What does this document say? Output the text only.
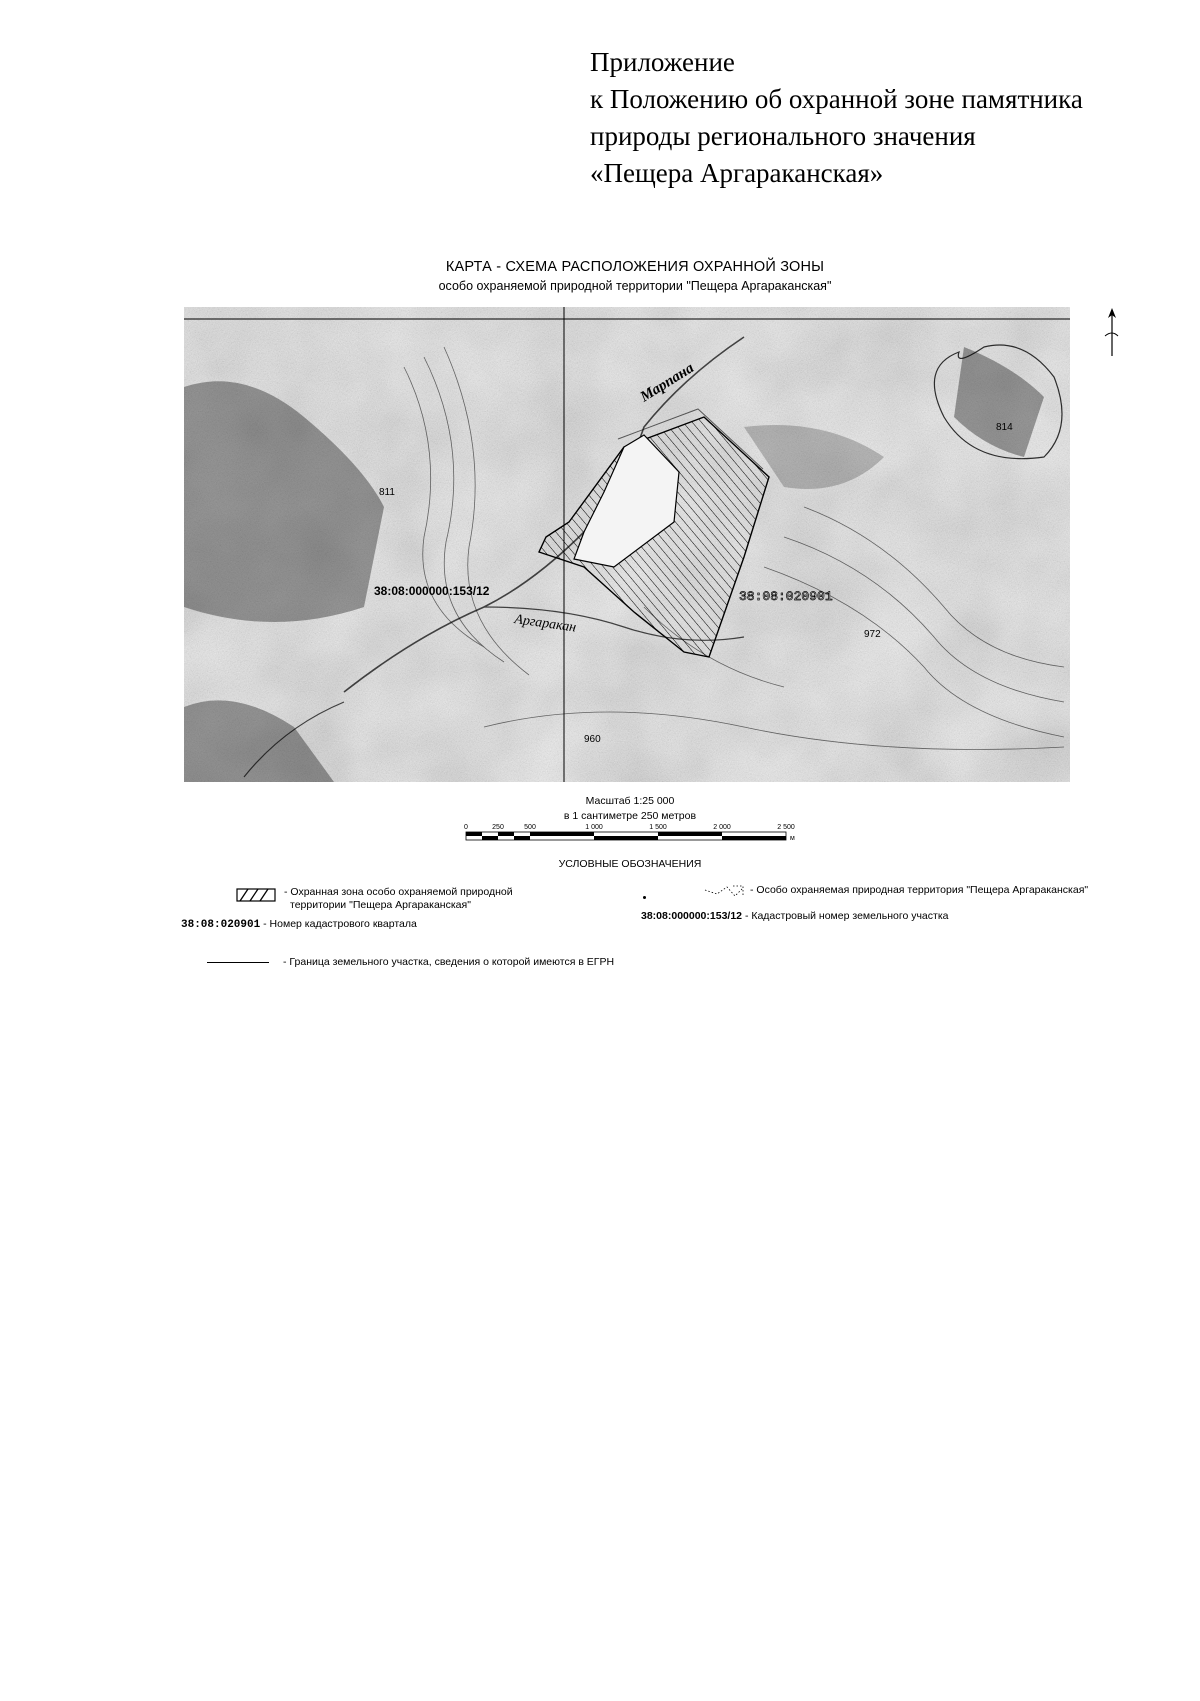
Приложение
к Положению об охранной зоне памятника
природы регионального значения
«Пещера Аргараканская»
КАРТА - СХЕМА РАСПОЛОЖЕНИЯ ОХРАННОЙ ЗОНЫ
особо охраняемой природной территории "Пещера Аргараканская"
Марпана
Аргаракан
38:08:000000:153/12	38:08:020901
814
960
811
972
Масштаб 1:25 000
в 1 сантиметре 250 метров
0	250	500	1 000	1 500	2 000	2 500
м
УСЛОВНЫЕ ОБОЗНАЧЕНИЯ
- Охранная зона особо охраняемой природной
территории "Пещера Аргараканская"
- Особо охраняемая природная территория "Пещера Аргараканская"
38:08:020901 - Номер кадастрового квартала
38:08:000000:153/12 - Кадастровый номер земельного участка
- Граница земельного участка, сведения о которой имеются в ЕГРН
